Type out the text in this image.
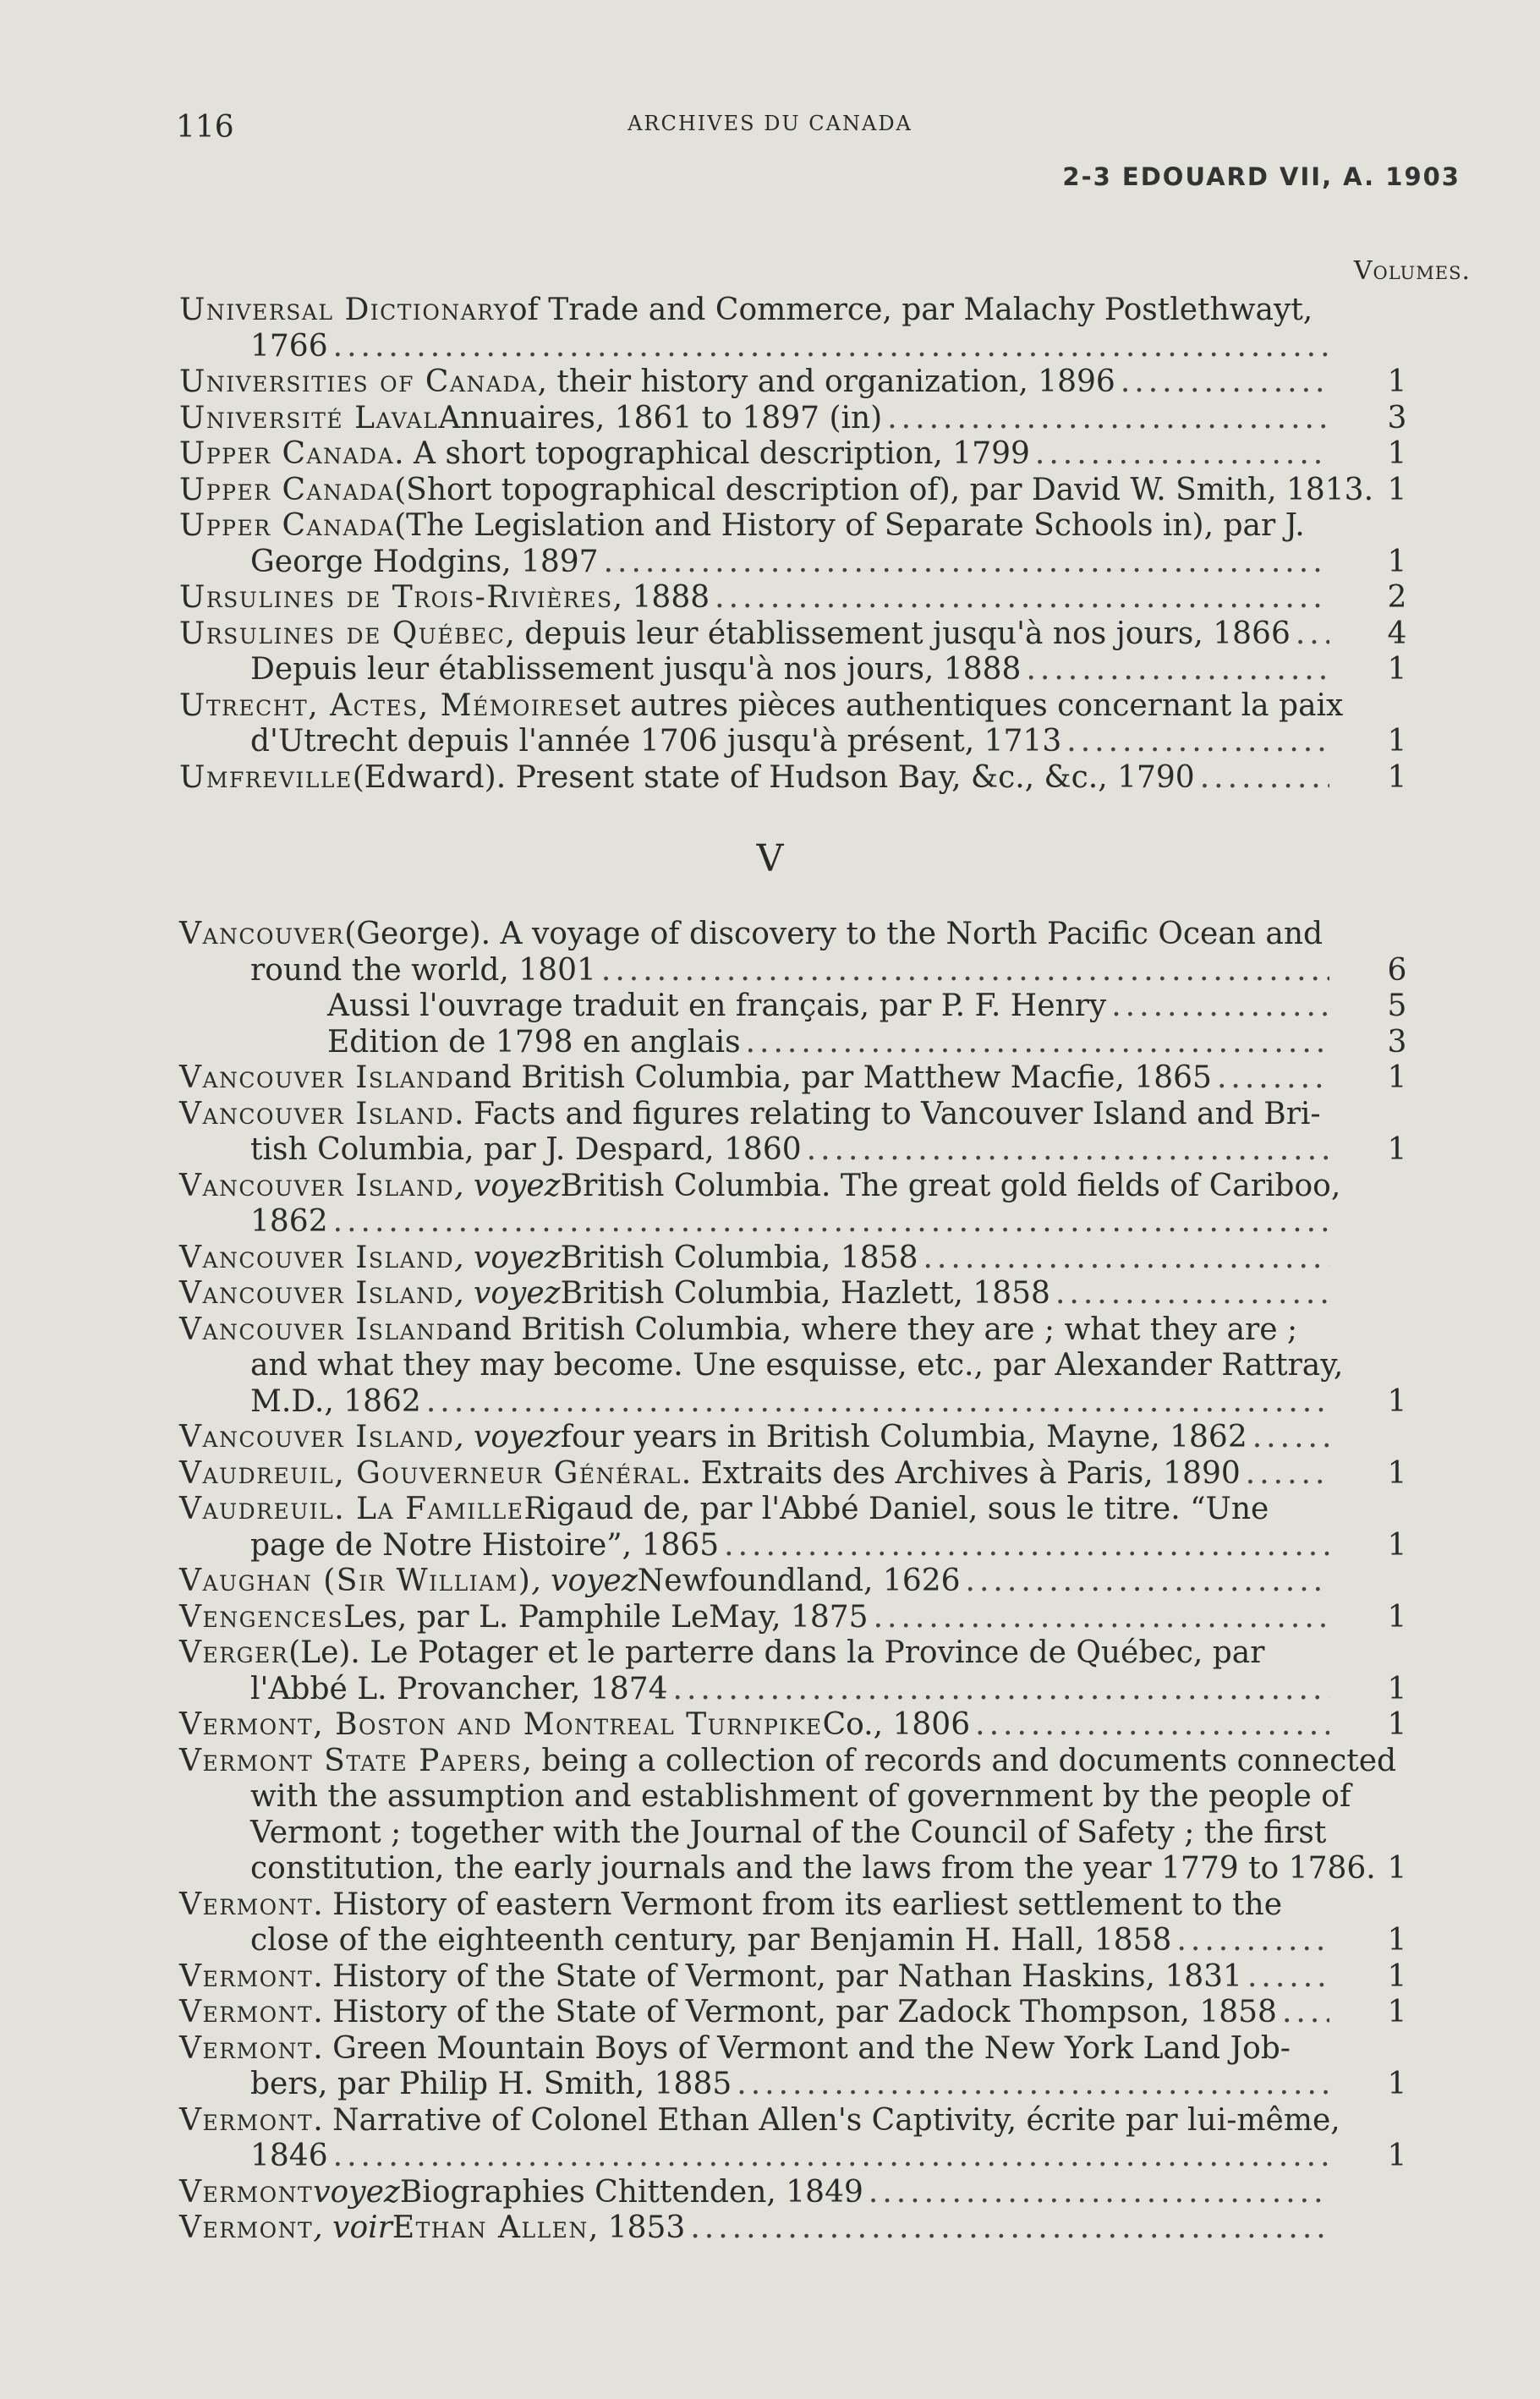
116	ARCHIVES DU CANADA
2-3 EDOUARD VII, A. 1903
Volumes.
Universal Dictionary of Trade and Commerce, par Malachy Postlethwayt,
1766
.....
Universities of Canada , their history and organization, 1896 .....	1
Université Laval Annuaires, 1861 to 1897 (in) .....	3
Upper Canada . A short topographical description, 1799 .....	1
Upper Canada (Short topographical description of), par David W. Smith, 1813. 1
Upper Canada (The Legislation and History of Separate Schools in), par J.
George Hodgins, 1897 .....	1
Ursulines de Trois-Rivières , 1888 .....	2
Ursulines de Québec , depuis leur établissement jusqu'à nos jours, 1866 .....	4
Depuis leur établissement jusqu'à nos jours, 1888 .....	1
Utrecht, Actes, Mémoires et autres pièces authentiques concernant la paix
d'Utrecht depuis l'année 1706 jusqu'à présent, 1713 .....	1
Umfreville (Edward). Present state of Hudson Bay, &c., &c., 1790 .....	1
V
Vancouver (George). A voyage of discovery to the North Pacific Ocean and
round the world, 1801 .....	6
Aussi l'ouvrage traduit en français, par P. F. Henry .....	5
Edition de 1798 en anglais .....	3
Vancouver Island and British Columbia, par Matthew Macfie, 1865 .....	1
Vancouver Island . Facts and figures relating to Vancouver Island and Bri-
tish Columbia, par J. Despard, 1860 .....	1
Vancouver Island , voyez British Columbia. The great gold fields of Cariboo,
1862
.....
Vancouver Island , voyez British Columbia, 1858
.....
Vancouver Island , voyez British Columbia, Hazlett, 1858
.....
Vancouver Island and British Columbia, where they are ; what they are ;
and what they may become. Une esquisse, etc., par Alexander Rattray,
M.D., 1862 .....	1
Vancouver Island , voyez four years in British Columbia, Mayne, 1862
.....
Vaudreuil, Gouverneur Général . Extraits des Archives à Paris, 1890 .....	1
Vaudreuil. La Famille Rigaud de, par l'Abbé Daniel, sous le titre. “Une
page de Notre Histoire”, 1865 .....	1
Vaughan (Sir William) , voyez Newfoundland, 1626
.....
Vengences Les, par L. Pamphile LeMay, 1875 .....	1
Verger (Le). Le Potager et le parterre dans la Province de Québec, par
l'Abbé L. Provancher, 1874 .....	1
Vermont, Boston and Montreal Turnpike Co., 1806 .....	1
Vermont State Papers , being a collection of records and documents connected
with the assumption and establishment of government by the people of
Vermont ; together with the Journal of the Council of Safety ; the first
constitution, the early journals and the laws from the year 1779 to 1786. 1
Vermont . History of eastern Vermont from its earliest settlement to the
close of the eighteenth century, par Benjamin H. Hall, 1858 .....	1
Vermont . History of the State of Vermont, par Nathan Haskins, 1831 .....	1
Vermont . History of the State of Vermont, par Zadock Thompson, 1858 .....	1
Vermont . Green Mountain Boys of Vermont and the New York Land Job-
bers, par Philip H. Smith, 1885 .....	1
Vermont . Narrative of Colonel Ethan Allen's Captivity, écrite par lui-même,
1846 .....	1
Vermont voyez Biographies Chittenden, 1849
.....
Vermont , voir Ethan Allen , 1853
.....
